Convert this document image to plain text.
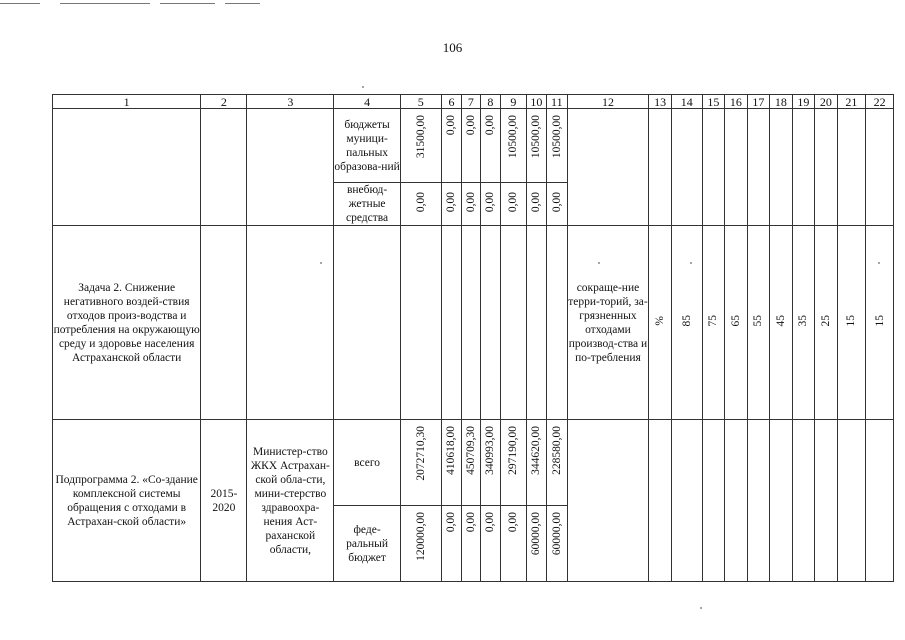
106
1	2	3	4	5	6	7	8	9	10	11	12	13	14	15	16	17	18	19	20	21	22
			бюджеты муници-пальных образова-ний	31500,00	0,00	0,00	0,00	10500,00	10500,00	10500,00											
			внебюд-жетные средства	0,00	0,00	0,00	0,00	0,00	0,00	0,00											
Задача 2. Снижение негативного воздей-ствия отходов произ-водства и потребления на окружающую среду и здоровье населения Астраханской области											сокраще-ние терри-торий, за-грязненных отходами производ-ства и по-требления	%	85	75	65	55	45	35	25	15	15
Подпрограмма 2. «Со-здание комплексной системы обращения с отходами в Астрахан-ской области»	2015-2020	Министер-ство ЖКХ Астрахан-ской обла-сти, мини-стерство здравоохра-нения Аст-раханской области,	всего	2072710,30	410618,00	450709,30	340993,00	297190,00	344620,00	228580,00											
			феде-ральный бюджет	120000,00	0,00	0,00	0,00	0,00	60000,00	60000,00											
